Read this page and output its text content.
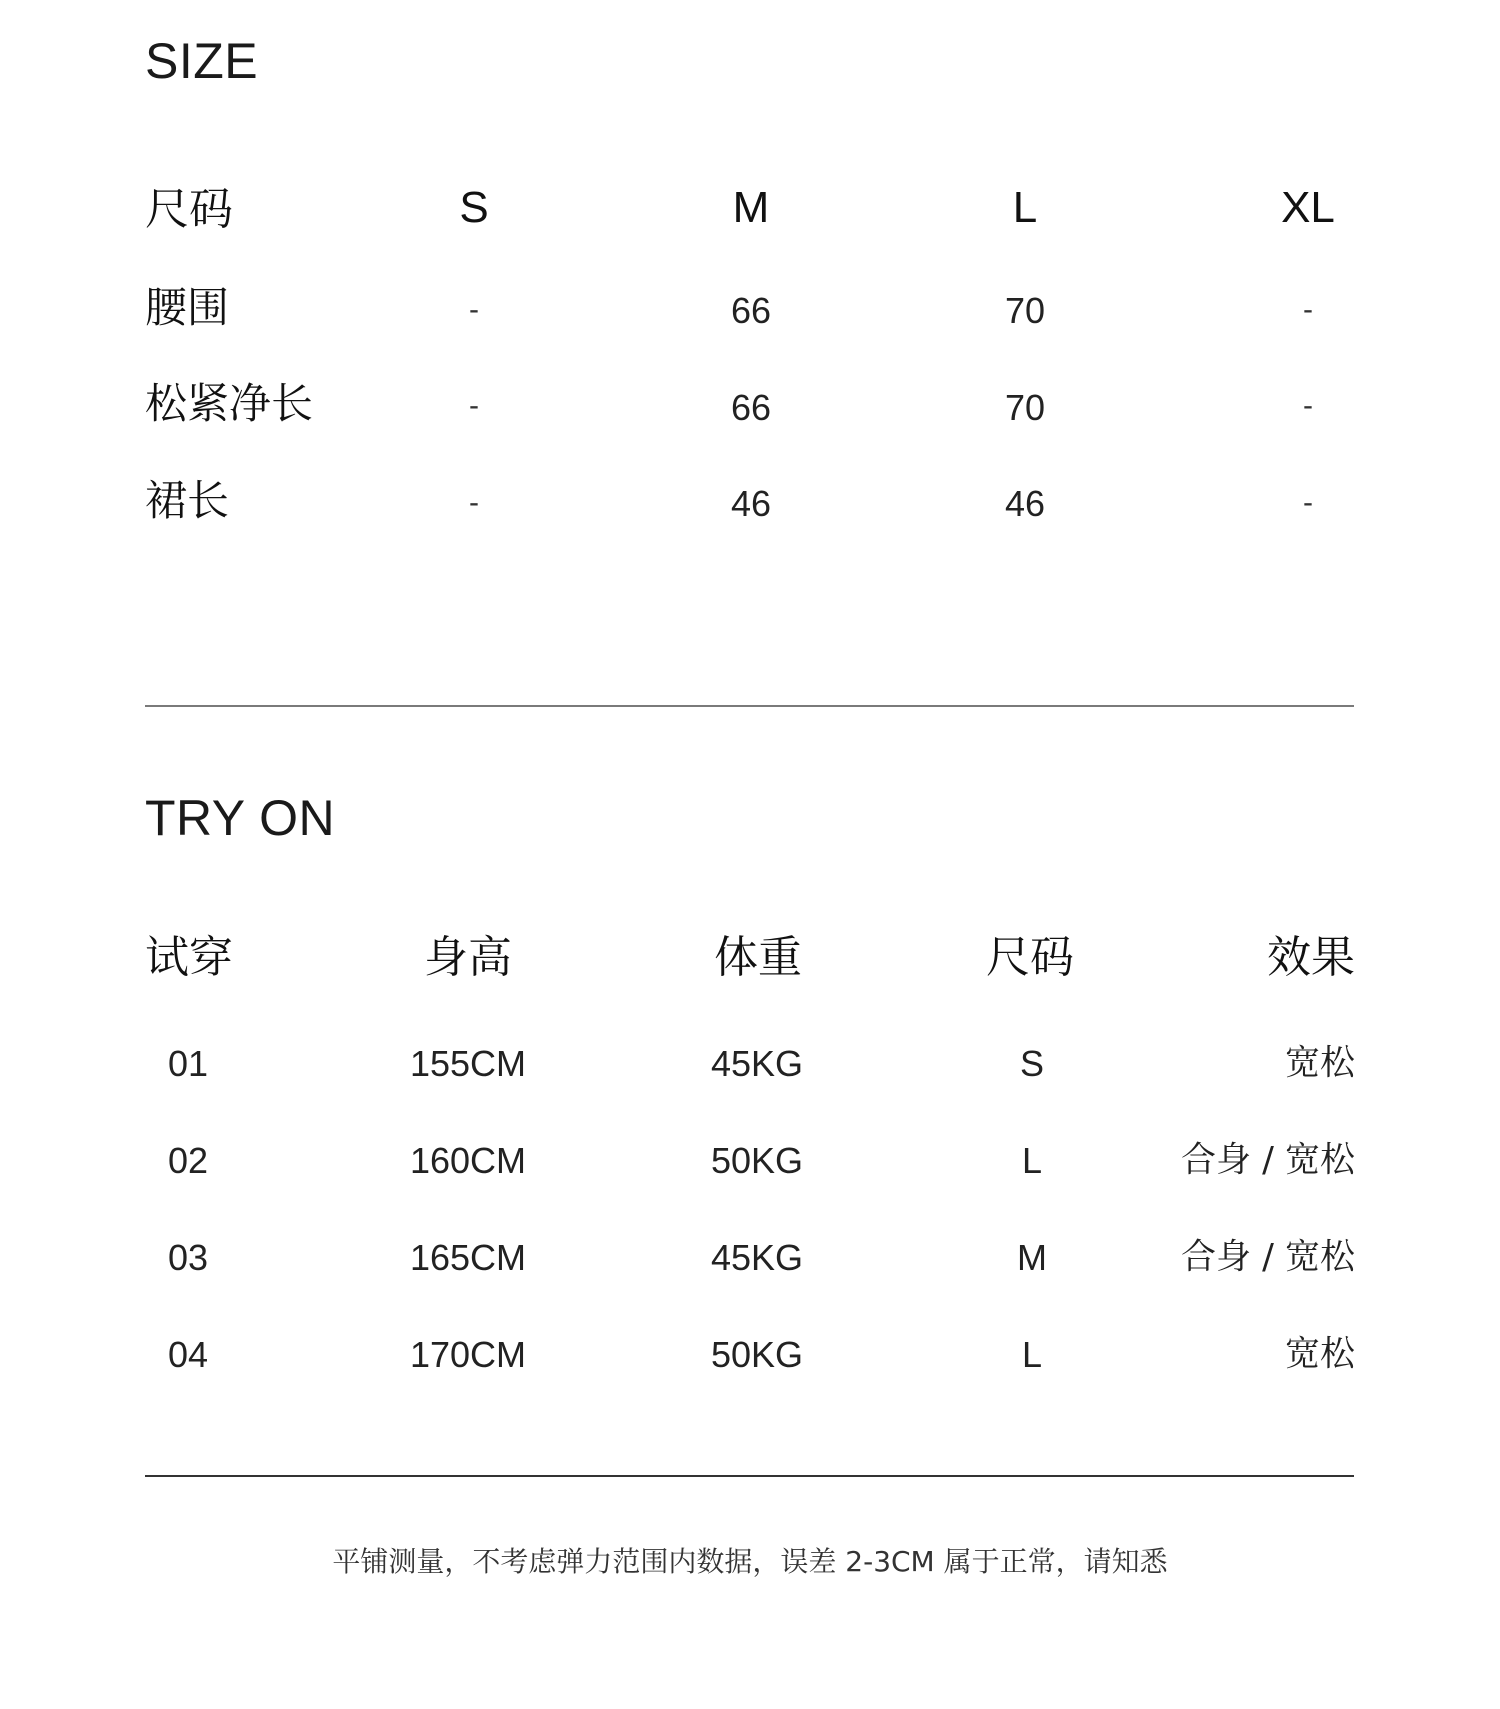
SIZE
尺码	S	M	L	XL
腰围	-	66	70	-
松紧净长	-	66	70	-
裙长	-	46	46	-
TRY ON
试穿	身高	体重	尺码	效果
01	155CM	45KG	S	宽松
02	160CM	50KG	L	合身 / 宽松
03	165CM	45KG	M	合身 / 宽松
04	170CM	50KG	L	宽松
平铺测量，不考虑弹力范围内数据，误差 2-3CM 属于正常，请知悉
